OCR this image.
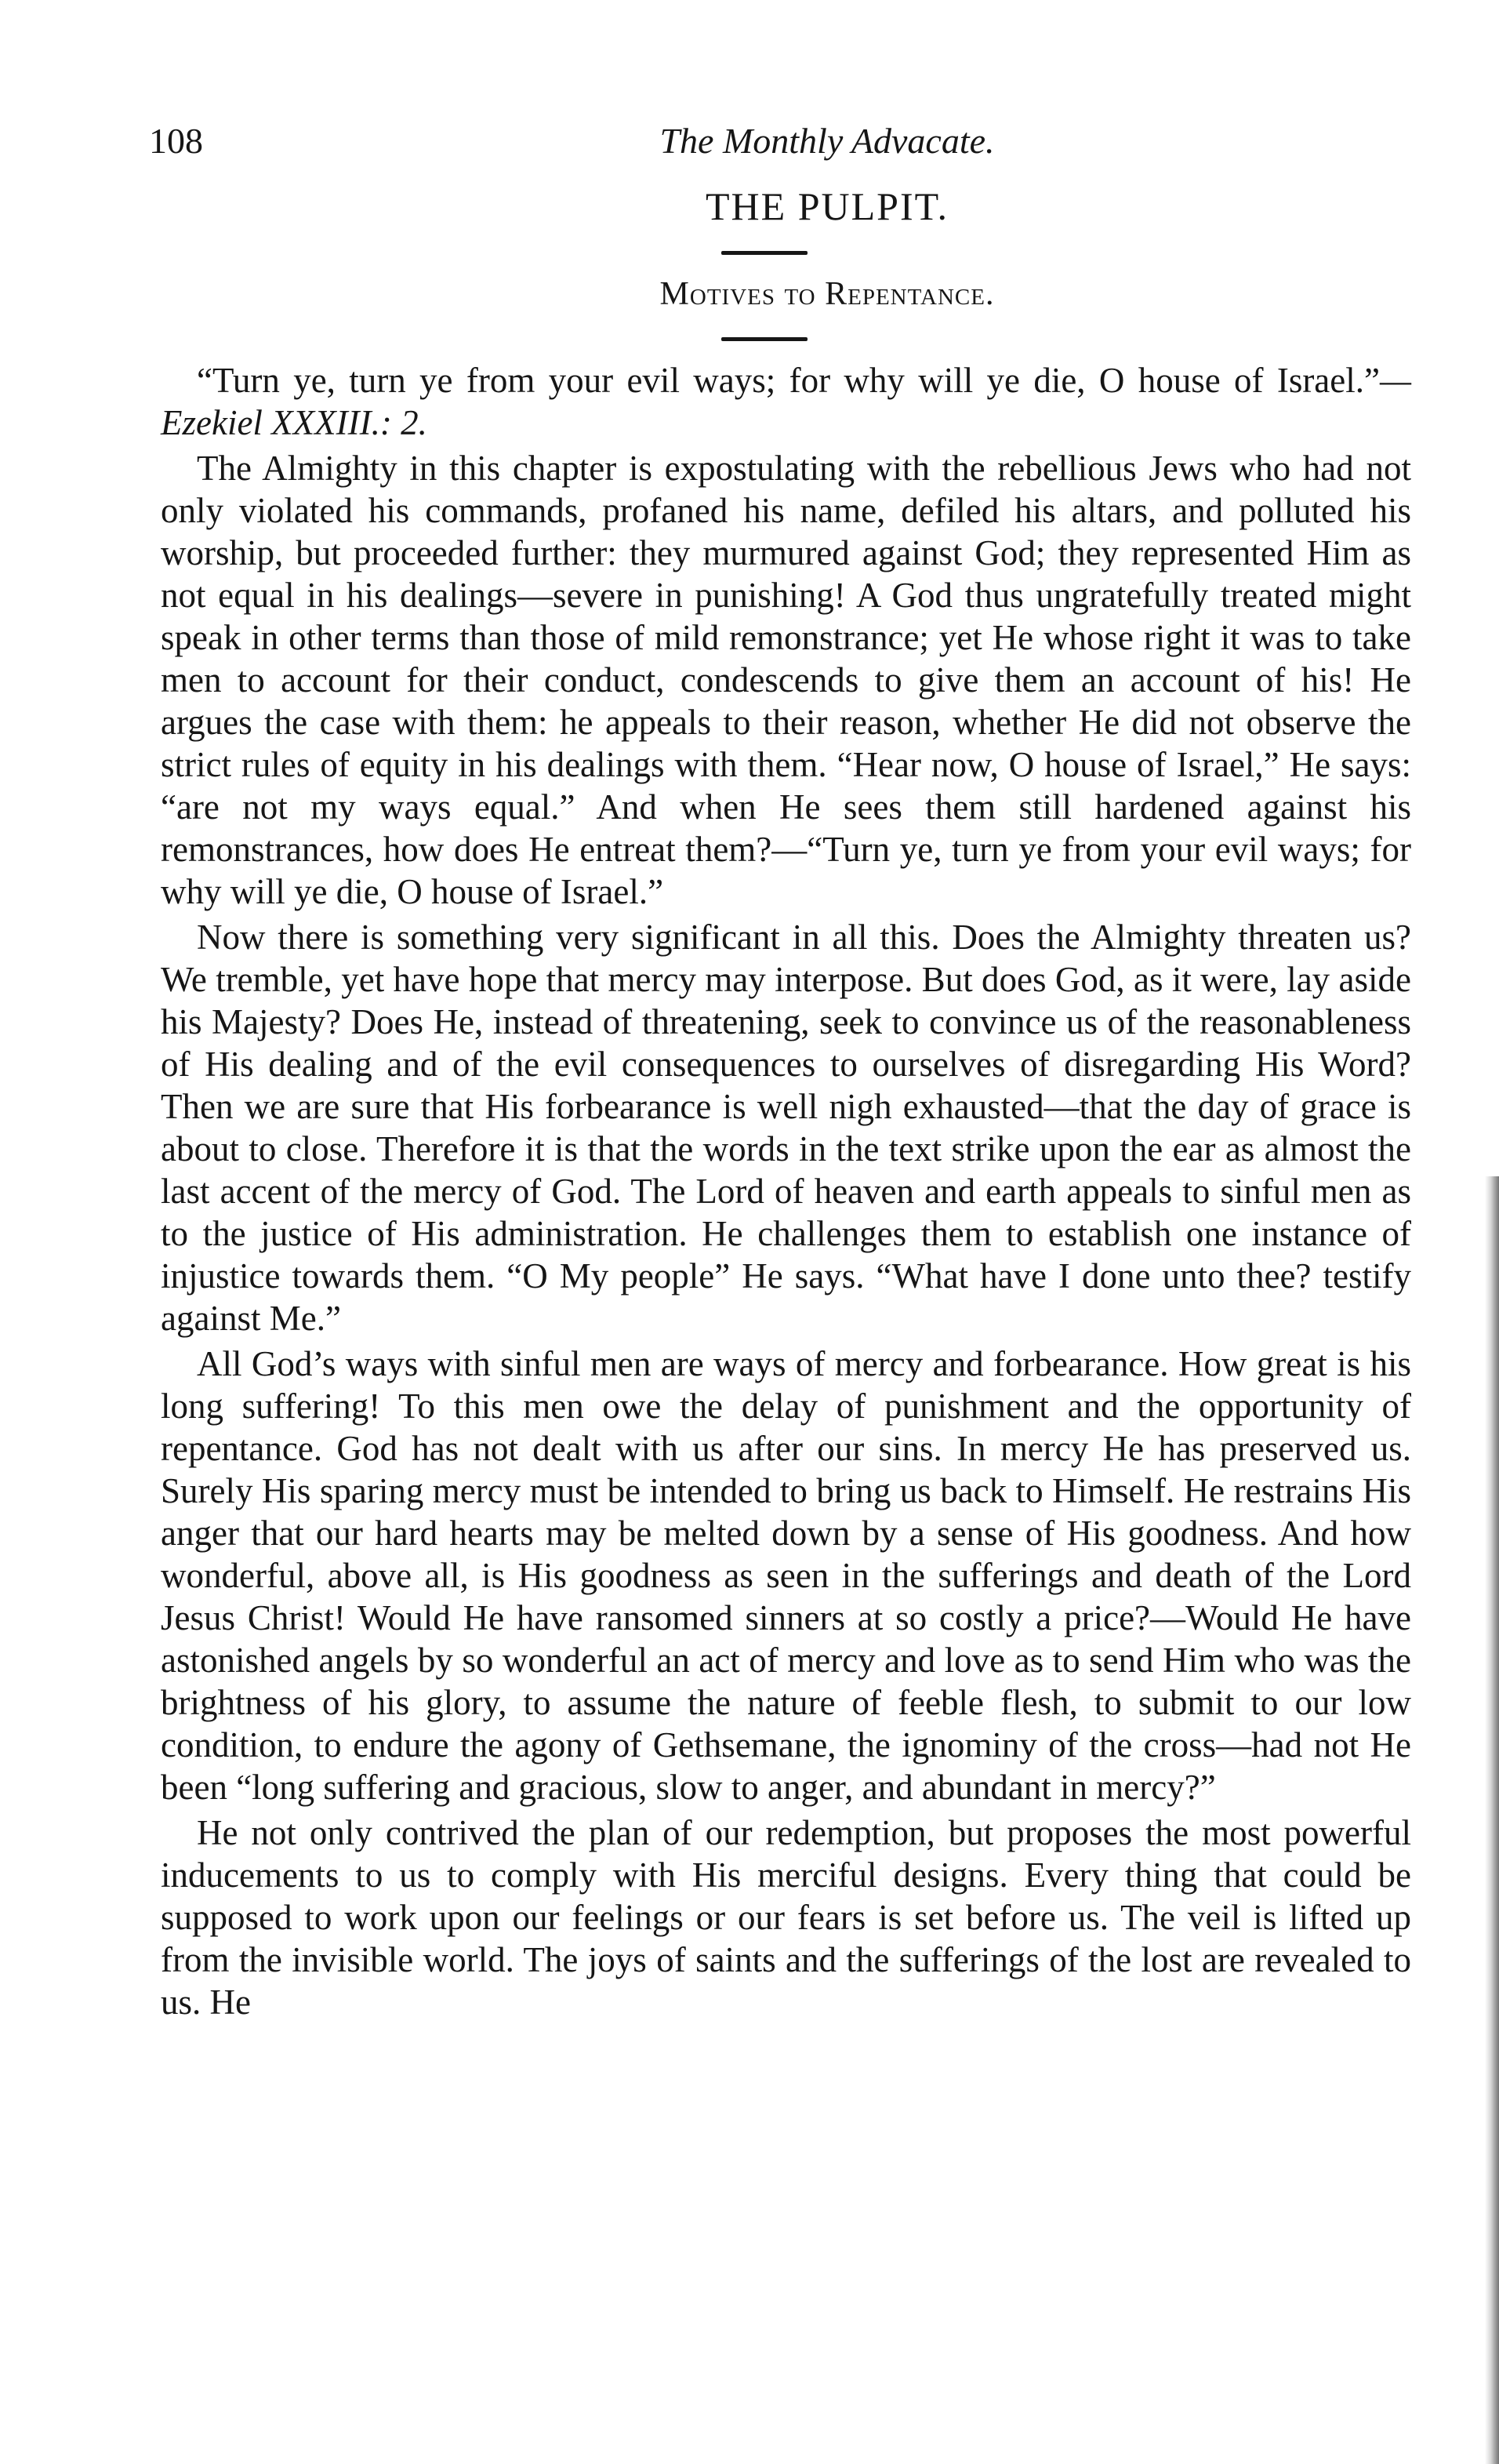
108	The Monthly Advacate.
THE PULPIT.
Motives to Repentance.

“Turn ye, turn ye from your evil ways; for why will ye die, O house of Israel.”—Ezekiel XXXIII.: 2.

The Almighty in this chapter is expostulating with the rebellious Jews who had not only violated his commands, profaned his name, defiled his altars, and polluted his worship, but proceeded further: they murmured against God; they represented Him as not equal in his dealings—severe in punishing! A God thus ungratefully treated might speak in other terms than those of mild remonstrance; yet He whose right it was to take men to account for their conduct, condescends to give them an account of his! He argues the case with them: he appeals to their reason, whether He did not observe the strict rules of equity in his dealings with them. “Hear now, O house of Israel,” He says: “are not my ways equal.” And when He sees them still hardened against his remonstrances, how does He entreat them?—“Turn ye, turn ye from your evil ways; for why will ye die, O house of Israel.”

Now there is something very significant in all this. Does the Almighty threaten us? We tremble, yet have hope that mercy may interpose. But does God, as it were, lay aside his Majesty? Does He, instead of threatening, seek to convince us of the reasonableness of His dealing and of the evil consequences to ourselves of disregarding His Word? Then we are sure that His forbearance is well nigh exhausted—that the day of grace is about to close. Therefore it is that the words in the text strike upon the ear as almost the last accent of the mercy of God. The Lord of heaven and earth appeals to sinful men as to the justice of His administration. He challenges them to establish one instance of injustice towards them. “O My people” He says. “What have I done unto thee? testify against Me.”

All God’s ways with sinful men are ways of mercy and forbearance. How great is his long suffering! To this men owe the delay of punishment and the opportunity of repentance. God has not dealt with us after our sins. In mercy He has preserved us. Surely His sparing mercy must be intended to bring us back to Himself. He restrains His anger that our hard hearts may be melted down by a sense of His goodness. And how wonderful, above all, is His goodness as seen in the sufferings and death of the Lord Jesus Christ! Would He have ransomed sinners at so costly a price?—Would He have astonished angels by so wonderful an act of mercy and love as to send Him who was the brightness of his glory, to assume the nature of feeble flesh, to submit to our low condition, to endure the agony of Gethsemane, the ignominy of the cross—had not He been “long suffering and gracious, slow to anger, and abundant in mercy?”

He not only contrived the plan of our redemption, but proposes the most powerful inducements to us to comply with His merciful designs. Every thing that could be supposed to work upon our feelings or our fears is set before us. The veil is lifted up from the invisible world. The joys of saints and the sufferings of the lost are revealed to us. He
